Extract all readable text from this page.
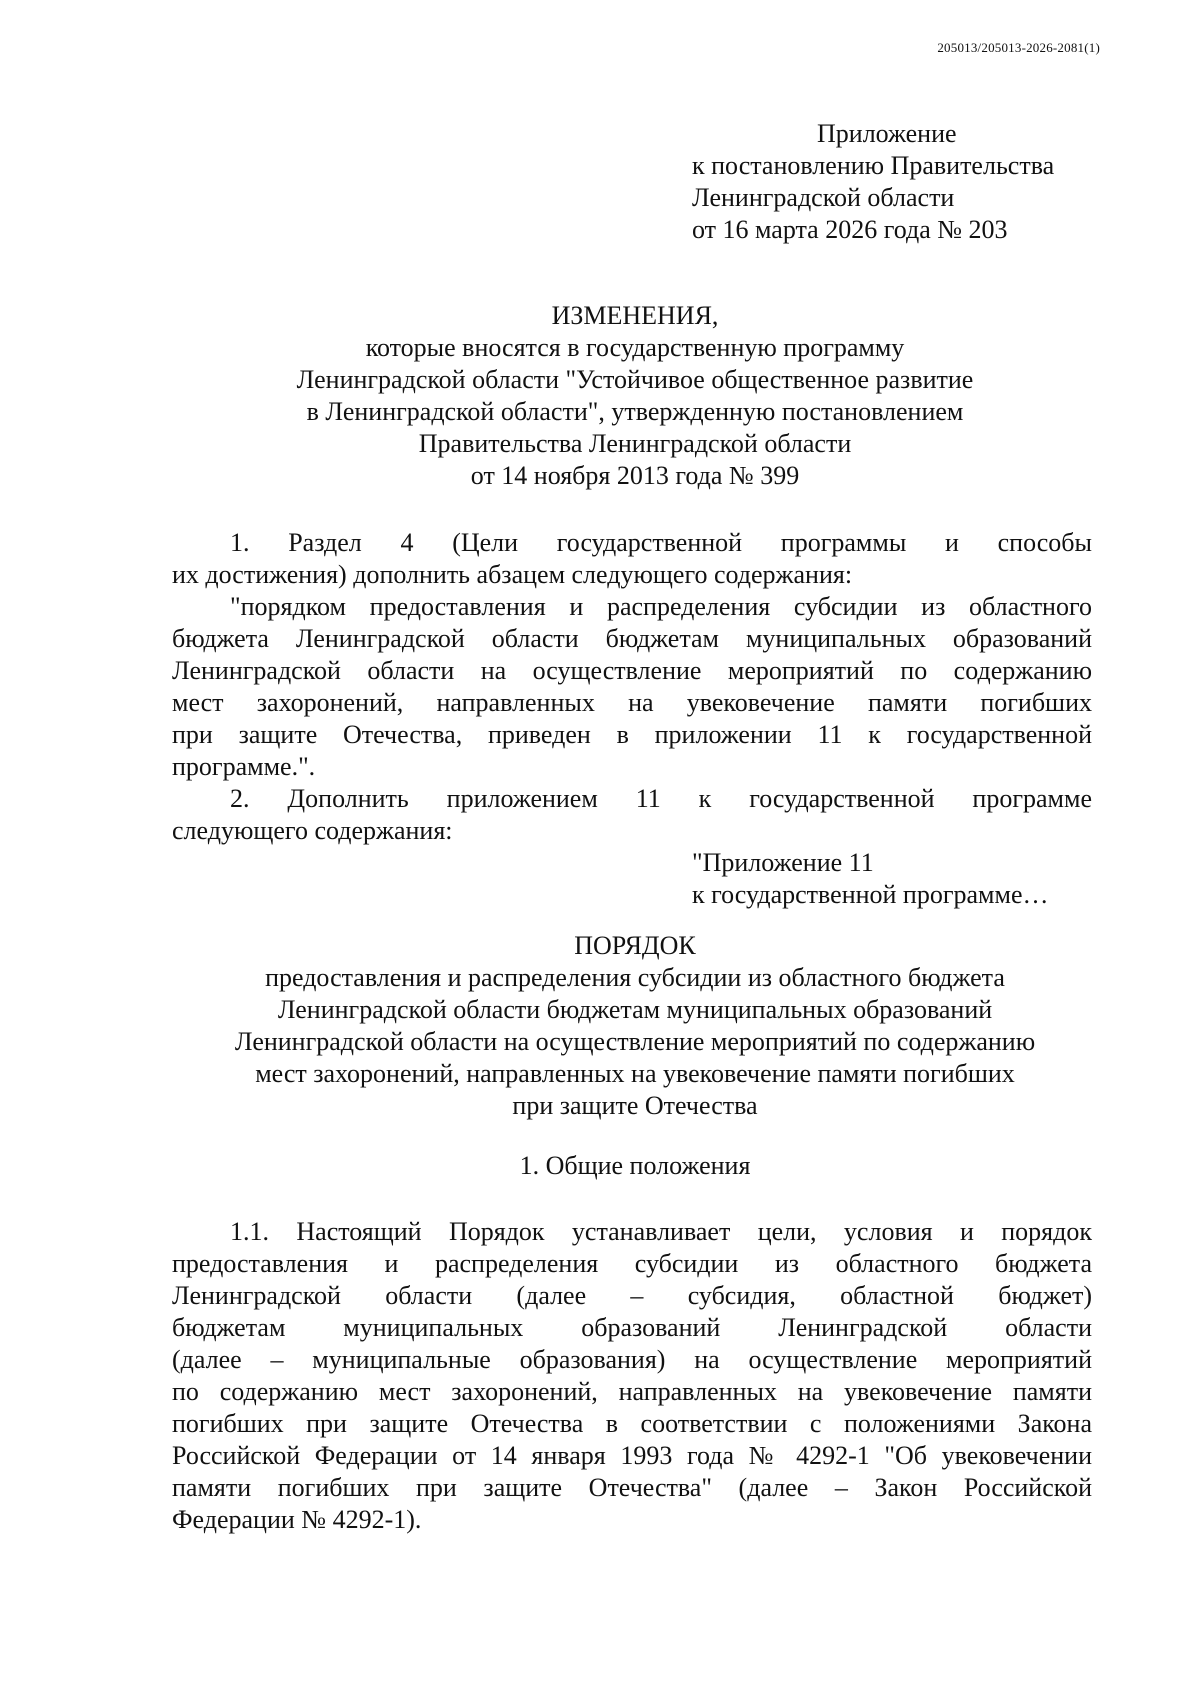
205013/205013-2026-2081(1)
Приложение
к постановлению Правительства
Ленинградской области
от 16 марта 2026 года № 203
ИЗМЕНЕНИЯ,
которые вносятся в государственную программу
Ленинградской области "Устойчивое общественное развитие
в Ленинградской области", утвержденную постановлением
Правительства Ленинградской области
от 14 ноября 2013 года № 399
1. Раздел 4 (Цели государственной программы и способы
их достижения) дополнить абзацем следующего содержания:
"порядком предоставления и распределения субсидии из областного
бюджета Ленинградской области бюджетам муниципальных образований
Ленинградской области на осуществление мероприятий по содержанию
мест захоронений, направленных на увековечение памяти погибших
при защите Отечества, приведен в приложении 11 к государственной
программе.".
2. Дополнить приложением 11 к государственной программе
следующего содержания:
"Приложение 11
к государственной программе…
ПОРЯДОК
предоставления и распределения субсидии из областного бюджета
Ленинградской области бюджетам муниципальных образований
Ленинградской области на осуществление мероприятий по содержанию
мест захоронений, направленных на увековечение памяти погибших
при защите Отечества
1. Общие положения
1.1. Настоящий Порядок устанавливает цели, условия и порядок
предоставления и распределения субсидии из областного бюджета
Ленинградской области (далее – субсидия, областной бюджет)
бюджетам муниципальных образований Ленинградской области
(далее – муниципальные образования) на осуществление мероприятий
по содержанию мест захоронений, направленных на увековечение памяти
погибших при защите Отечества в соответствии с положениями Закона
Российской Федерации от 14 января 1993 года № 4292-1 "Об увековечении
памяти погибших при защите Отечества" (далее – Закон Российской
Федерации № 4292-1).
